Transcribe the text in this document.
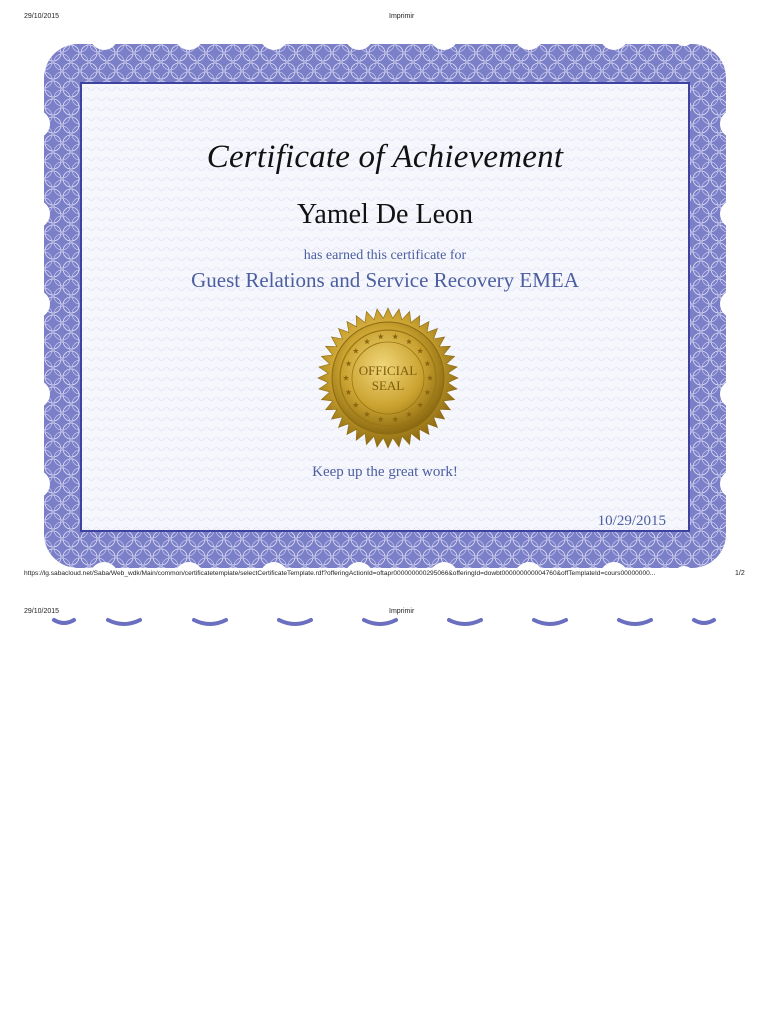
29/10/2015	Imprimir
Certificate of Achievement
Yamel De Leon
has earned this certificate for
Guest Relations and Service Recovery EMEA
OFFICIAL
SEAL
Keep up the great work!
10/29/2015
https://lg.sabacloud.net/Saba/Web_wdk/Main/common/certificatetemplate/selectCertificateTemplate.rdf?offeringActionId=oftapr000000000295066&offeringId=dowbt000000000004760&offTemplateId=cours00000000...	1/2
29/10/2015	Imprimir
